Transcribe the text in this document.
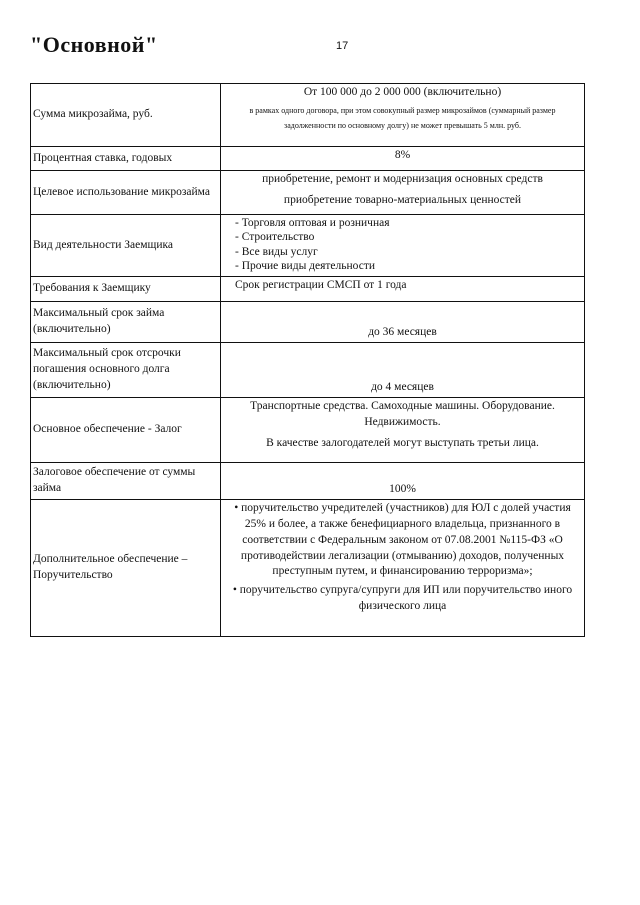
"Основной"	17
Сумма микрозайма, руб.	От 100 000 до 2 000 000 (включительно)
в рамках одного договора, при этом совокупный размер микрозаймов (суммарный размер задолженности по основному долгу) не может превышать 5 млн. руб.

Процентная ставка, годовых	8%
Целевое использование микрозайма	приобретение, ремонт и модернизация основных средств
приобретение товарно-материальных ценностей

Вид деятельности Заемщика	- Торговля оптовая и розничная
- Строительство
- Все виды услуг
- Прочие виды деятельности

Требования к Заемщику	Срок регистрации СМСП от 1 года
Максимальный срок займа (включительно)	до 36 месяцев
Максимальный срок отсрочки погашения основного долга (включительно)	до 4 месяцев
Основное обеспечение - Залог	Транспортные средства. Самоходные машины. Оборудование. Недвижимость.
В качестве залогодателей могут выступать третьи лица.

Залоговое обеспечение от суммы займа	100%
Дополнительное обеспечение – Поручительство	• поручительство учредителей (участников) для ЮЛ с долей участия 25% и более, а также бенефициарного владельца, признанного в соответствии с Федеральным законом от 07.08.2001 №115-ФЗ «О противодействии легализации (отмыванию) доходов, полученных преступным путем, и финансированию терроризма»;
• поручительство супруга/супруги для ИП или поручительство иного физического лица
